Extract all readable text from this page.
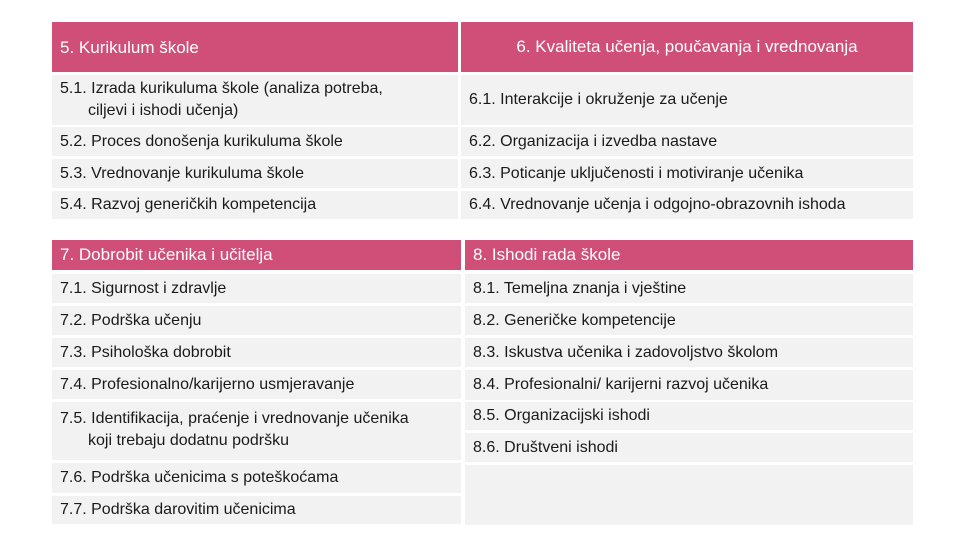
5. Kurikulum škole
5.1. Izrada kurikuluma škole (analiza potreba,
ciljevi i ishodi učenja)
5.2. Proces donošenja kurikuluma škole
5.3. Vrednovanje kurikuluma škole
5.4. Razvoj generičkih kompetencija
6. Kvaliteta učenja, poučavanja i vrednovanja
6.1. Interakcije i okruženje za učenje
6.2. Organizacija i izvedba nastave
6.3. Poticanje uključenosti i motiviranje učenika
6.4. Vrednovanje učenja i odgojno-obrazovnih ishoda
7. Dobrobit učenika i učitelja
7.1. Sigurnost i zdravlje
7.2. Podrška učenju
7.3. Psihološka dobrobit
7.4. Profesionalno/karijerno usmjeravanje
7.5. Identifikacija, praćenje i vrednovanje učenika
koji trebaju dodatnu podršku
7.6. Podrška učenicima s poteškoćama
7.7. Podrška darovitim učenicima
8. Ishodi rada škole
8.1. Temeljna znanja i vještine
8.2. Generičke kompetencije
8.3. Iskustva učenika i zadovoljstvo školom
8.4. Profesionalni/ karijerni razvoj učenika
8.5. Organizacijski ishodi
8.6. Društveni ishodi
